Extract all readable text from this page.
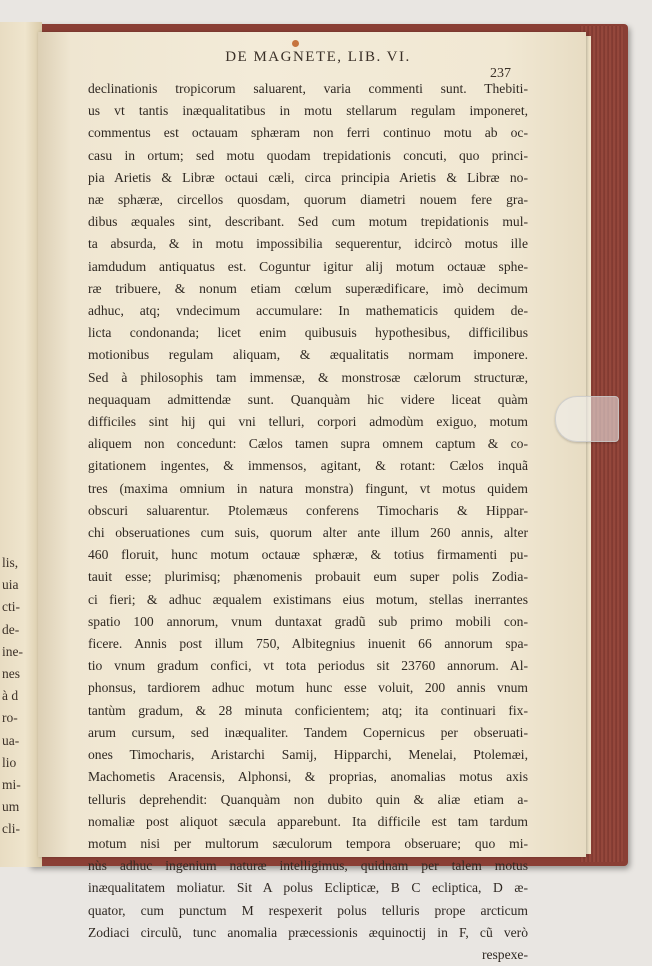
lis,
uia
cti-
de-
ine-
nes
à d
ro-
ua-
lio
mi-
um
cli-
DE MAGNETE, LIB. VI.
237
declinationis tropicorum saluarent, varia commenti sunt. Thebiti-
us vt tantis inæqualitatibus in motu stellarum regulam imponeret,
commentus est octauam sphæram non ferri continuo motu ab oc-
casu in ortum; sed motu quodam trepidationis concuti, quo princi-
pia Arietis & Libræ octaui cæli, circa principia Arietis & Libræ no-
næ sphæræ, circellos quosdam, quorum diametri nouem fere gra-
dibus æquales sint, describant. Sed cum motum trepidationis mul-
ta absurda, & in motu impossibilia sequerentur, idcircò motus ille
iamdudum antiquatus est. Coguntur igitur alij motum octauæ sphe-
ræ tribuere, & nonum etiam cœlum superædificare, imò decimum
adhuc, atq; vndecimum accumulare: In mathematicis quidem de-
licta condonanda; licet enim quibusuis hypothesibus, difficilibus
motionibus regulam aliquam, & æqualitatis normam imponere.
Sed à philosophis tam immensæ, & monstrosæ cælorum structuræ,
nequaquam admittendæ sunt. Quanquàm hic videre liceat quàm
difficiles sint hij qui vni telluri, corpori admodùm exiguo, motum
aliquem non concedunt: Cælos tamen supra omnem captum & co-
gitationem ingentes, & immensos, agitant, & rotant: Cælos inquã
tres (maxima omnium in natura monstra) fingunt, vt motus quidem
obscuri saluarentur. Ptolemæus conferens Timocharis & Hippar-
chi obseruationes cum suis, quorum alter ante illum 260 annis, alter
460 floruit, hunc motum octauæ sphæræ, & totius firmamenti pu-
tauit esse; plurimisq; phænomenis probauit eum super polis Zodia-
ci fieri; & adhuc æqualem existimans eius motum, stellas inerrantes
spatio 100 annorum, vnum duntaxat gradũ sub primo mobili con-
ficere. Annis post illum 750, Albitegnius inuenit 66 annorum spa-
tio vnum gradum confici, vt tota periodus sit 23760 annorum. Al-
phonsus, tardiorem adhuc motum hunc esse voluit, 200 annis vnum
tantùm gradum, & 28 minuta conficientem; atq; ita continuari fix-
arum cursum, sed inæqualiter. Tandem Copernicus per obseruati-
ones Timocharis, Aristarchi Samij, Hipparchi, Menelai, Ptolemæi,
Machometis Aracensis, Alphonsi, & proprias, anomalias motus axis
telluris deprehendit: Quanquàm non dubito quin & aliæ etiam a-
nomaliæ post aliquot sæcula apparebunt. Ita difficile est tam tardum
motum nisi per multorum sæculorum tempora obseruare; quo mi-
nùs adhuc ingenium naturæ intelligimus, quidnam per talem motus
inæqualitatem moliatur. Sit A polus Eclipticæ, B C ecliptica, D æ-
quator, cum punctum M respexerit polus telluris prope arcticum
Zodiaci circulũ, tunc anomalia præcessionis æquinoctij in F, cũ verò
respexe-
